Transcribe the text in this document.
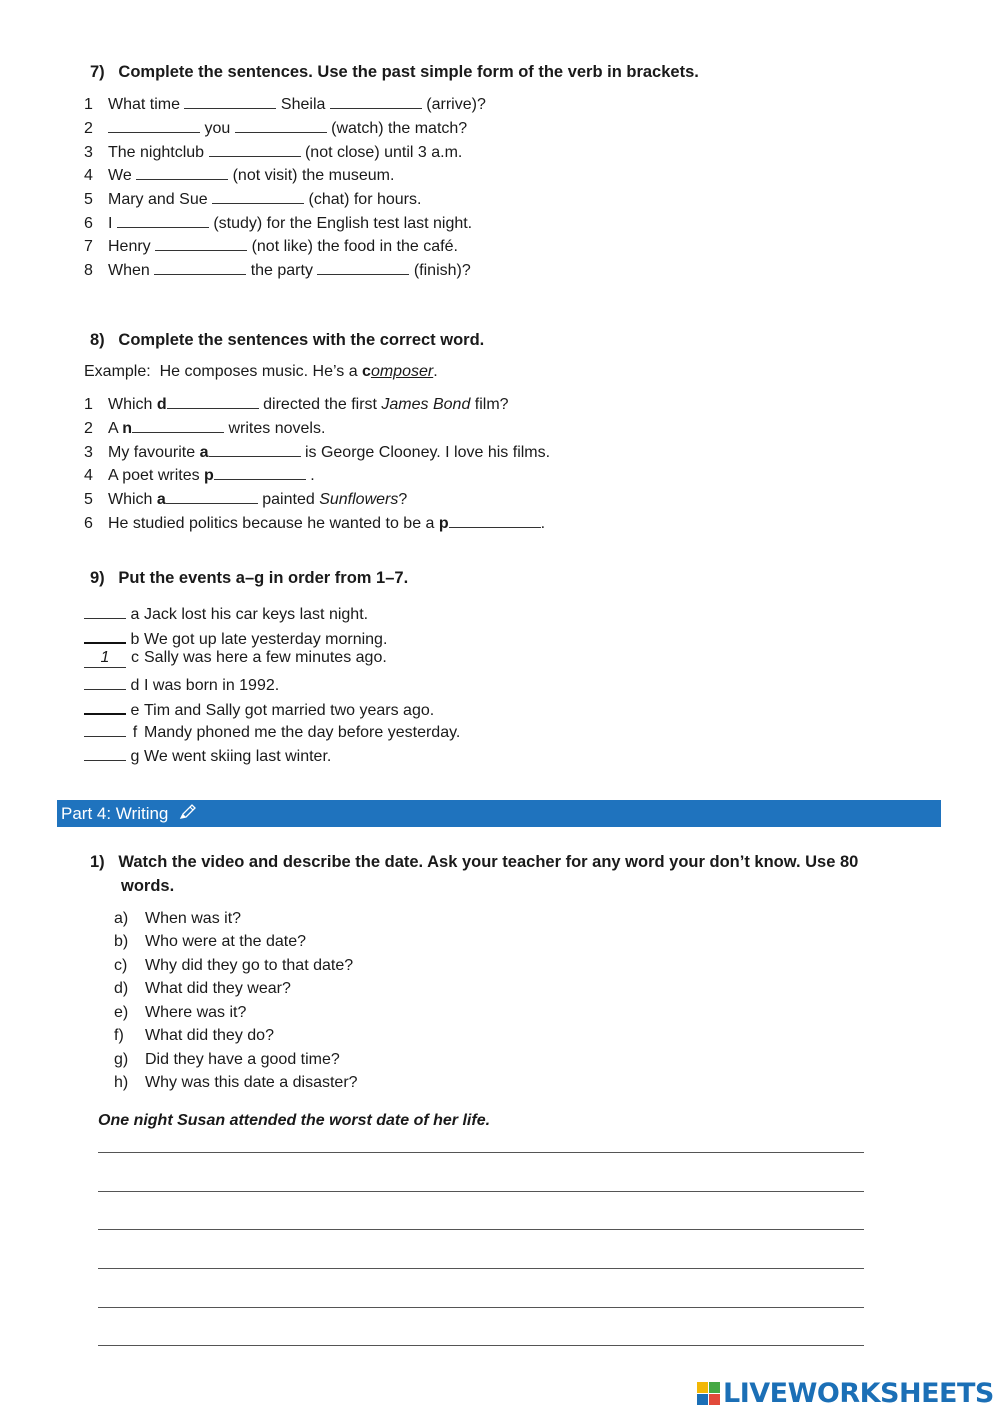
7)   Complete the sentences. Use the past simple form of the verb in brackets.
1 What time	Sheila	(arrive)?
2	you	(watch) the match?
3 The nightclub	(not close) until 3 a.m.
4 We	(not visit) the museum.
5 Mary and Sue	(chat) for hours.
6 I	(study) for the English test last night.
7 Henry	(not like) the food in the café.
8 When	the party	(finish)?
8)   Complete the sentences with the correct word.
Example:  He composes music. He’s a composer.
1 Which d	directed the first James Bond film?
2 A n	writes novels.
3 My favourite a	is George Clooney. I love his films.
4 A poet writes p	.
5 Which a	painted Sunflowers?
6 He studied politics because he wanted to be a p	.
9)   Put the events a–g in order from 1–7.
a Jack lost his car keys last night.
b We got up late yesterday morning.
1 c Sally was here a few minutes ago.
d I was born in 1992.
e Tim and Sally got married two years ago.
f Mandy phoned me the day before yesterday.
g We went skiing last winter.
Part 4: Writing
1)   Watch the video and describe the date. Ask your teacher for any word your don’t know. Use 80
words.
a) When was it?
b) Who were at the date?
c) Why did they go to that date?
d) What did they wear?
e) Where was it?
f) What did they do?
g) Did they have a good time?
h) Why was this date a disaster?
One night Susan attended the worst date of her life.
LIVEWORKSHEETS
